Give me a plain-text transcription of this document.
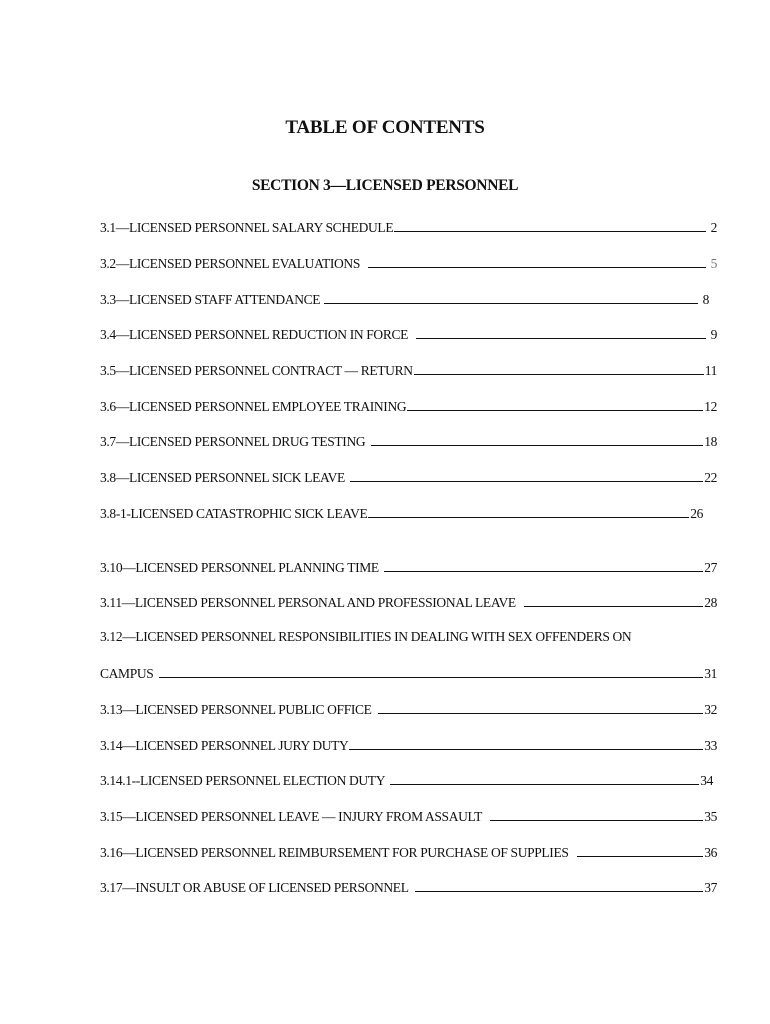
TABLE OF CONTENTS
SECTION 3—LICENSED PERSONNEL
3.1—LICENSED PERSONNEL SALARY SCHEDULE	2
3.2—LICENSED PERSONNEL EVALUATIONS	5
3.3—LICENSED STAFF ATTENDANCE	8
3.4—LICENSED PERSONNEL REDUCTION IN FORCE	9
3.5—LICENSED PERSONNEL CONTRACT — RETURN	11
3.6—LICENSED PERSONNEL EMPLOYEE TRAINING	12
3.7—LICENSED PERSONNEL DRUG TESTING	18
3.8—LICENSED PERSONNEL SICK LEAVE	22
3.8-1-LICENSED CATASTROPHIC SICK LEAVE	26
3.10—LICENSED PERSONNEL PLANNING TIME	27
3.11—LICENSED PERSONNEL PERSONAL AND PROFESSIONAL LEAVE	28
3.12—LICENSED PERSONNEL RESPONSIBILITIES IN DEALING WITH SEX OFFENDERS ON
CAMPUS	31
3.13—LICENSED PERSONNEL PUBLIC OFFICE	32
3.14—LICENSED PERSONNEL JURY DUTY	33
3.14.1--LICENSED PERSONNEL ELECTION DUTY	34
3.15—LICENSED PERSONNEL LEAVE — INJURY FROM ASSAULT	35
3.16—LICENSED PERSONNEL REIMBURSEMENT FOR PURCHASE OF SUPPLIES	36
3.17—INSULT OR ABUSE OF LICENSED PERSONNEL	37
